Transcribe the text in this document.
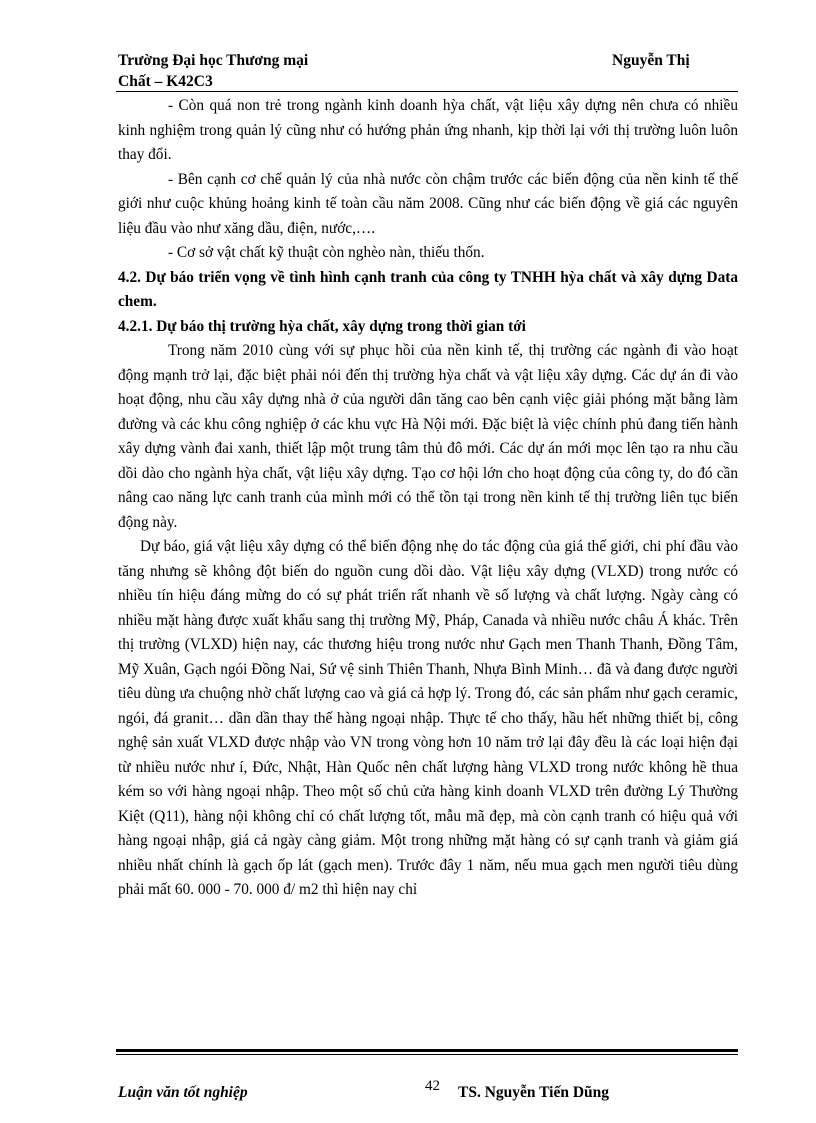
Trường Đại học Thương mại
Chất – K42C3
Nguyễn Thị

- Còn quá non trẻ trong ngành kinh doanh hỳa chất, vật liệu xây dựng nên chưa có nhiều kinh nghiệm trong quản lý cũng như có hướng phản ứng nhanh, kịp thời lại với thị trường luôn luôn thay đổi.

- Bên cạnh cơ chế quản lý của nhà nước còn chậm trước các biến động của nền kinh tế thế giới như cuộc khủng hoảng kinh tế toàn cầu năm 2008. Cũng như các biến động về giá các nguyên liệu đầu vào như xăng dầu, điện, nước,….

- Cơ sở vật chất kỹ thuật còn nghèo nàn, thiếu thốn.

4.2. Dự báo triển vọng về tình hình cạnh tranh của công ty TNHH hỳa chất và xây dựng Data chem.

4.2.1. Dự báo thị trường hỳa chất, xây dựng trong thời gian tới

Trong năm 2010 cùng với sự phục hồi của nền kinh tế, thị trường các ngành đi vào hoạt động mạnh trở lại, đặc biệt phải nói đến thị trường hỳa chất và vật liệu xây dựng. Các dự án đi vào hoạt động, nhu cầu xây dựng nhà ở của người dân tăng cao bên cạnh việc giải phóng mặt bằng làm đường và các khu công nghiệp ở các khu vực Hà Nội mới. Đặc biệt là việc chính phủ đang tiến hành xây dựng vành đai xanh, thiết lập một trung tâm thủ đô mới. Các dự án mới mọc lên tạo ra nhu cầu dồi dào cho ngành hỳa chất, vật liệu xây dựng. Tạo cơ hội lớn cho hoạt động của công ty, do đó cần nâng cao năng lực canh tranh của mình mới có thể tồn tại trong nền kinh tế thị trường liên tục biến động này.

Dự báo, giá vật liệu xây dựng có thể biến động nhẹ do tác động của giá thế giới, chi phí đầu vào tăng nhưng sẽ không đột biến do nguồn cung dồi dào. Vật liệu xây dựng (VLXD) trong nước có nhiều tín hiệu đáng mừng do có sự phát triển rất nhanh về số lượng và chất lượng. Ngày càng có nhiều mặt hàng được xuất khẩu sang thị trường Mỹ, Pháp, Canada và nhiều nước châu Á khác. Trên thị trường (VLXD) hiện nay, các thương hiệu trong nước như Gạch men Thanh Thanh, Đồng Tâm, Mỹ Xuân, Gạch ngói Đồng Nai, Sứ vệ sinh Thiên Thanh, Nhựa Bình Minh… đã và đang được người tiêu dùng ưa chuộng nhờ chất lượng cao và giá cả hợp lý. Trong đó, các sản phẩm như gạch ceramic, ngói, đá granit… dần dần thay thế hàng ngoại nhập. Thực tế cho thấy, hầu hết những thiết bị, công nghệ sản xuất VLXD được nhập vào VN trong vòng hơn 10 năm trở lại đây đều là các loại hiện đại từ nhiều nước như í, Đức, Nhật, Hàn Quốc nên chất lượng hàng VLXD trong nước không hề thua kém so với hàng ngoại nhập. Theo một số chủ cửa hàng kinh doanh VLXD trên đường Lý Thường Kiệt (Q11), hàng nội không chỉ có chất lượng tốt, mẫu mã đẹp, mà còn cạnh tranh có hiệu quả với hàng ngoại nhập, giá cả ngày càng giảm. Một trong những mặt hàng có sự cạnh tranh và giảm giá nhiều nhất chính là gạch ốp lát (gạch men). Trước đây 1 năm, nếu mua gạch men người tiêu dùng phải mất 60. 000 - 70. 000 đ/ m2 thì hiện nay chỉ

Luận văn tốt nghiệp	42 TS. Nguyễn Tiến Dũng
